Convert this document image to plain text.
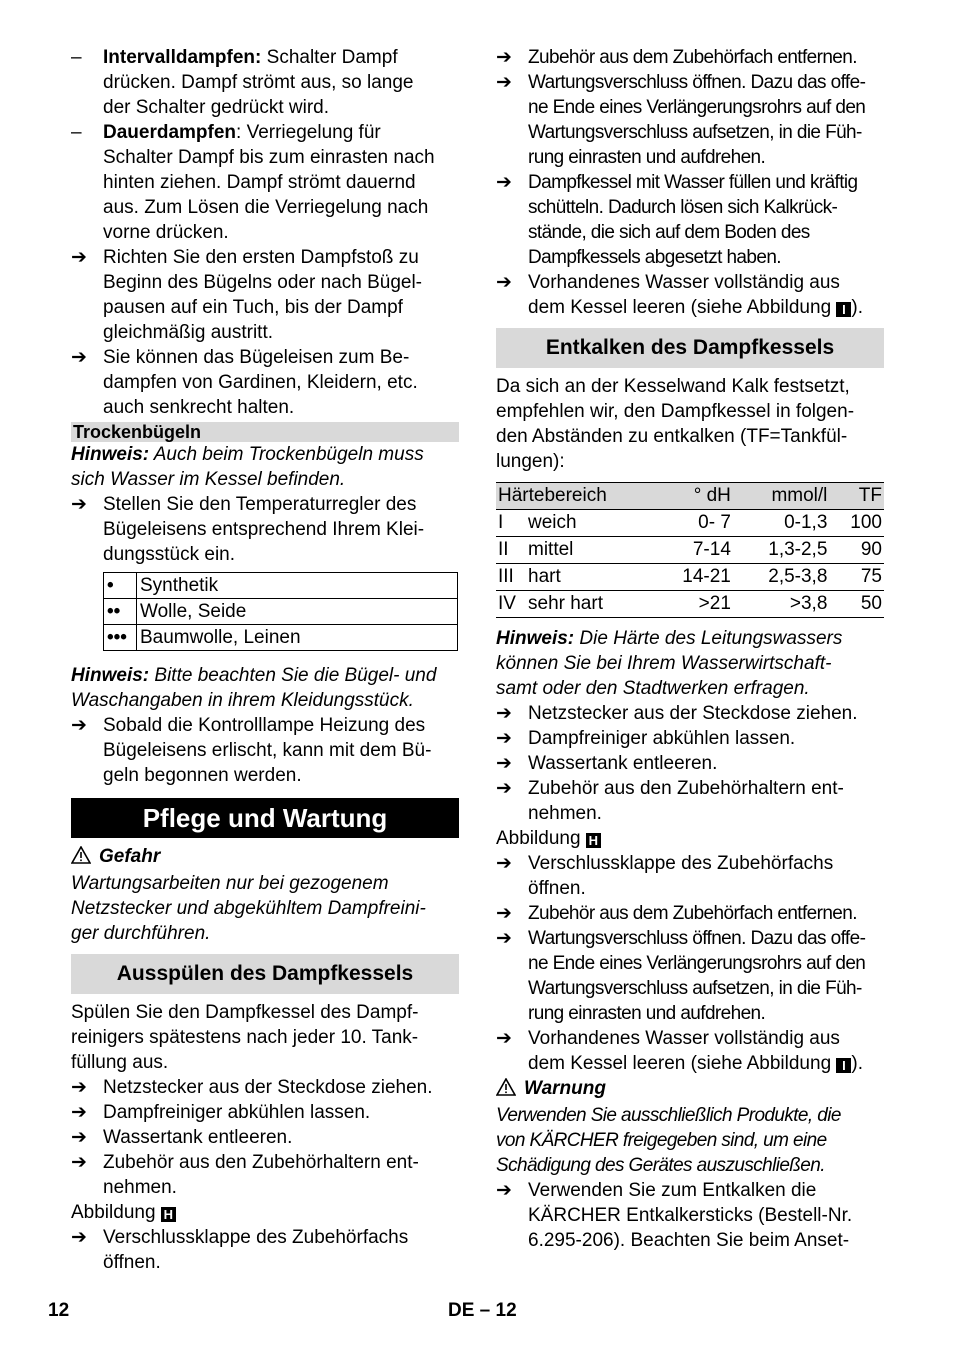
– Intervalldampfen: Schalter Dampf
drücken. Dampf strömt aus, so lange
der Schalter gedrückt wird.
– Dauerdampfen: Verriegelung für
Schalter Dampf bis zum einrasten nach
hinten ziehen. Dampf strömt dauernd
aus. Zum Lösen die Verriegelung nach
vorne drücken.
➔ Richten Sie den ersten Dampfstoß zu
Beginn des Bügelns oder nach Bügel-
pausen auf ein Tuch, bis der Dampf
gleichmäßig austritt.
➔ Sie können das Bügeleisen zum Be-
dampfen von Gardinen, Kleidern, etc.
auch senkrecht halten.
Trockenbügeln
Hinweis: Auch beim Trockenbügeln muss
sich Wasser im Kessel befinden.
➔ Stellen Sie den Temperaturregler des
Bügeleisens entsprechend Ihrem Klei-
dungsstück ein.
•	Synthetik
••	Wolle, Seide
•••	Baumwolle, Leinen
Hinweis: Bitte beachten Sie die Bügel- und
Waschangaben in ihrem Kleidungsstück.
➔ Sobald die Kontrolllampe Heizung des
Bügeleisens erlischt, kann mit dem Bü-
geln begonnen werden.
Pflege und Wartung
Gefahr
Wartungsarbeiten nur bei gezogenem
Netzstecker und abgekühltem Dampfreini-
ger durchführen.
Ausspülen des Dampfkessels
Spülen Sie den Dampfkessel des Dampf-
reinigers spätestens nach jeder 10. Tank-
füllung aus.
➔ Netzstecker aus der Steckdose ziehen.
➔ Dampfreiniger abkühlen lassen.
➔ Wassertank entleeren.
➔ Zubehör aus den Zubehörhaltern ent-
nehmen.
Abbildung H
➔ Verschlussklappe des Zubehörfachs
öffnen.
➔ Zubehör aus dem Zubehörfach entfernen.
➔ Wartungsverschluss öffnen. Dazu das offe-
ne Ende eines Verlängerungsrohrs auf den
Wartungsverschluss aufsetzen, in die Füh-
rung einrasten und aufdrehen.
➔ Dampfkessel mit Wasser füllen und kräftig
schütteln. Dadurch lösen sich Kalkrück-
stände, die sich auf dem Boden des
Dampfkessels abgesetzt haben.
➔ Vorhandenes Wasser vollständig aus
dem Kessel leeren (siehe Abbildung I ).
Entkalken des Dampfkessels
Da sich an der Kesselwand Kalk festsetzt,
empfehlen wir, den Dampfkessel in folgen-
den Abständen zu entkalken (TF=Tankfül-
lungen):
Härtebereich		° dH	mmol/l	TF
I	weich	0- 7	0-1,3	100
II	mittel	7-14	1,3-2,5	90
III	hart	14-21	2,5-3,8	75
IV	sehr hart	>21	>3,8	50
Hinweis: Die Härte des Leitungswassers
können Sie bei Ihrem Wasserwirtschaft-
samt oder den Stadtwerken erfragen.
➔ Netzstecker aus der Steckdose ziehen.
➔ Dampfreiniger abkühlen lassen.
➔ Wassertank entleeren.
➔ Zubehör aus den Zubehörhaltern ent-
nehmen.
Abbildung H
➔ Verschlussklappe des Zubehörfachs
öffnen.
➔ Zubehör aus dem Zubehörfach entfernen.
➔ Wartungsverschluss öffnen. Dazu das offe-
ne Ende eines Verlängerungsrohrs auf den
Wartungsverschluss aufsetzen, in die Füh-
rung einrasten und aufdrehen.
➔ Vorhandenes Wasser vollständig aus
dem Kessel leeren (siehe Abbildung I ).
Warnung
Verwenden Sie ausschließlich Produkte, die
von KÄRCHER freigegeben sind, um eine
Schädigung des Gerätes auszuschließen.
➔ Verwenden Sie zum Entkalken die
KÄRCHER Entkalkersticks (Bestell-Nr.
6.295-206). Beachten Sie beim Anset-
12	DE – 12
